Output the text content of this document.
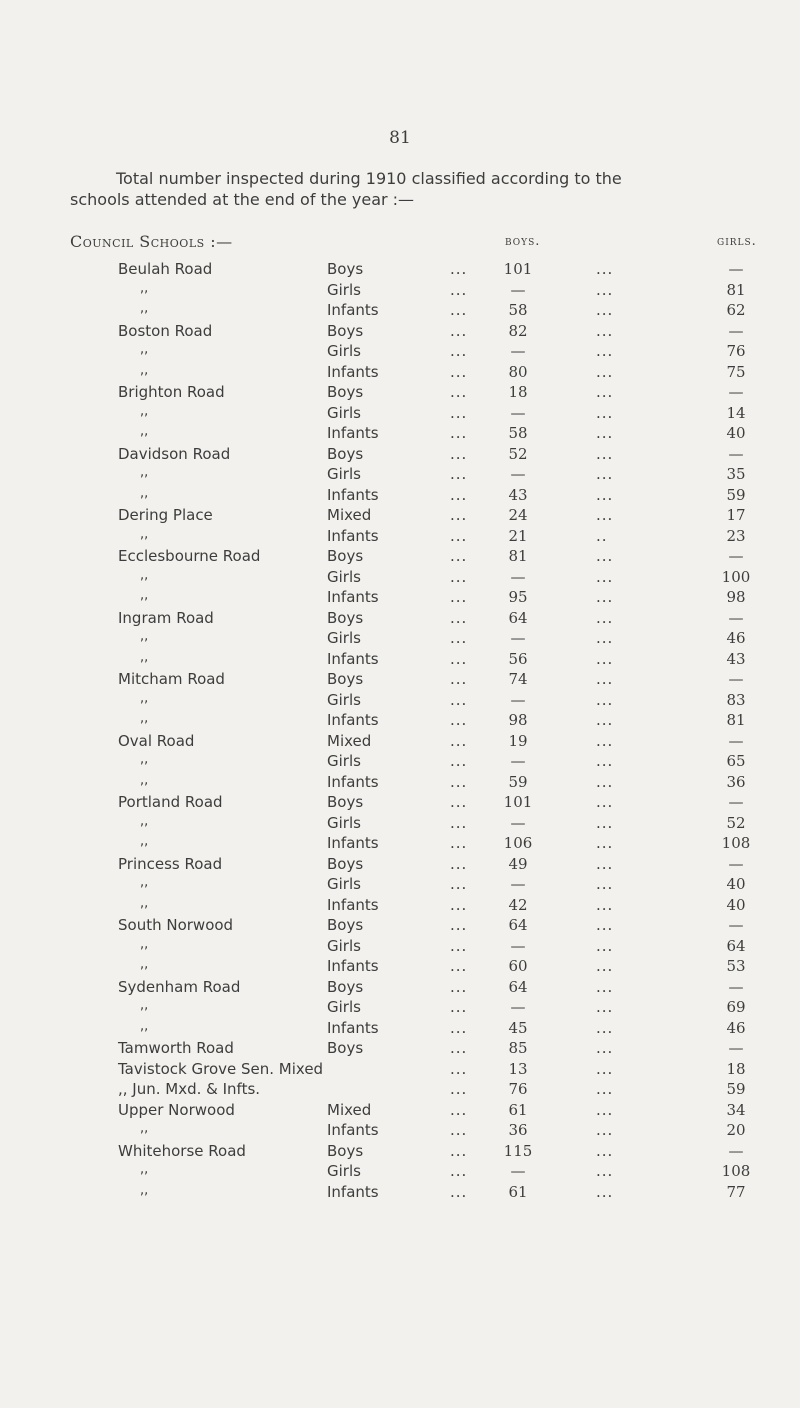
81

Total number inspected during 1910 classified according to the

schools attended at the end of the year :—

Council Schools :—	boys.	girls.
Beulah Road	Boys	...	101	...	—
,,	Girls	...	—	...	81
,,	Infants	...	58	...	62
Boston Road	Boys	...	82	...	—
,,	Girls	...	—	...	76
,,	Infants	...	80	...	75
Brighton Road	Boys	...	18	...	—
,,	Girls	...	—	...	14
,,	Infants	...	58	...	40
Davidson Road	Boys	...	52	...	—
,,	Girls	...	—	...	35
,,	Infants	...	43	...	59
Dering Place	Mixed	...	24	...	17
,,	Infants	...	21	..	23
Ecclesbourne Road	Boys	...	81	...	—
,,	Girls	...	—	...	100
,,	Infants	...	95	...	98
Ingram Road	Boys	...	64	...	—
,,	Girls	...	—	...	46
,,	Infants	...	56	...	43
Mitcham Road	Boys	...	74	...	—
,,	Girls	...	—	...	83
,,	Infants	...	98	...	81
Oval Road	Mixed	...	19	...	—
,,	Girls	...	—	...	65
,,	Infants	...	59	...	36
Portland Road	Boys	...	101	...	—
,,	Girls	...	—	...	52
,,	Infants	...	106	...	108
Princess Road	Boys	...	49	...	—
,,	Girls	...	—	...	40
,,	Infants	...	42	...	40
South Norwood	Boys	...	64	...	—
,,	Girls	...	—	...	64
,,	Infants	...	60	...	53
Sydenham Road	Boys	...	64	...	—
,,	Girls	...	—	...	69
,,	Infants	...	45	...	46
Tamworth Road	Boys	...	85	...	—
Tavistock Grove Sen. Mixed	...	13	...	18
,, Jun. Mxd. & Infts.	...	76	...	59
Upper Norwood	Mixed	...	61	...	34
,,	Infants	...	36	...	20
Whitehorse Road	Boys	...	115	...	—
,,	Girls	...	—	...	108
,,	Infants	...	61	...	77
